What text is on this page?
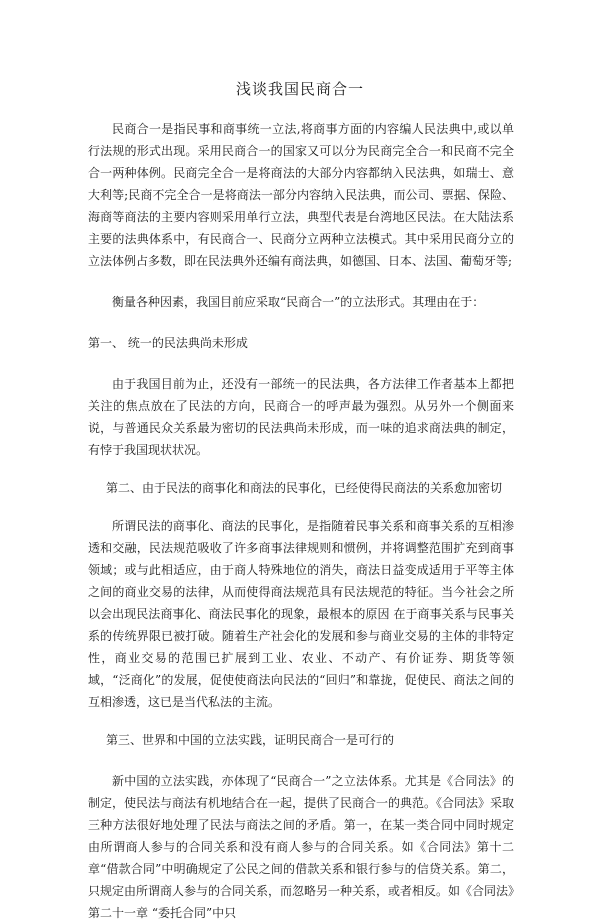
浅谈我国民商合一

民商合一是指民事和商事统一立法,将商事方面的内容编人民法典中,或以单行法规的形式出现。采用民商合一的国家又可以分为民商完全合一和民商不完全合一两种体例。民商完全合一是将商法的大部分内容都纳入民法典，如瑞士、意大利等;民商不完全合一是将商法一部分内容纳入民法典，而公司、票据、保险、海商等商法的主要内容则采用单行立法，典型代表是台湾地区民法。在大陆法系主要的法典体系中，有民商合一、民商分立两种立法模式。其中采用民商分立的立法体例占多数，即在民法典外还编有商法典，如德国、日本、法国、葡萄牙等;

衡量各种因素，我国目前应采取“民商合一”的立法形式。其理由在于：

第一、 统一的民法典尚未形成

由于我国目前为止，还没有一部统一的民法典，各方法律工作者基本上都把关注的焦点放在了民法的方向，民商合一的呼声最为强烈。从另外一个侧面来说，与普通民众关系最为密切的民法典尚未形成，而一味的追求商法典的制定，有悖于我国现状状况。

第二、由于民法的商事化和商法的民事化，已经使得民商法的关系愈加密切

所谓民法的商事化、商法的民事化，是指随着民事关系和商事关系的互相渗透和交融，民法规范吸收了许多商事法律规则和惯例，并将调整范围扩充到商事领域；或与此相适应，由于商人特殊地位的消失，商法日益变成适用于平等主体之间的商业交易的法律，从而使得商法规范具有民法规范的特征。当今社会之所以会出现民法商事化、商法民事化的现象，最根本的原因 在于商事关系与民事关系的传统界限已被打破。随着生产社会化的发展和参与商业交易的主体的非特定性，商业交易的范围已扩展到工业、农业、不动产、有价证券、期货等领域，“泛商化”的发展，促使使商法向民法的“回归”和靠拢，促使民、商法之间的互相渗透，这已是当代私法的主流。

第三、世界和中国的立法实践，证明民商合一是可行的

新中国的立法实践，亦体现了“民商合一”之立法体系。尤其是《合同法》的制定，使民法与商法有机地结合在一起，提供了民商合一的典范。《合同法》采取三种方法很好地处理了民法与商法之间的矛盾。第一，在某一类合同中同时规定由所谓商人参与的合同关系和没有商人参与的合同关系。如《合同法》第十二章“借款合同”中明确规定了公民之间的借款关系和银行参与的信贷关系。第二，只规定由所谓商人参与的合同关系，而忽略另一种关系，或者相反。如《合同法》第二十一章 “委托合同”中只
